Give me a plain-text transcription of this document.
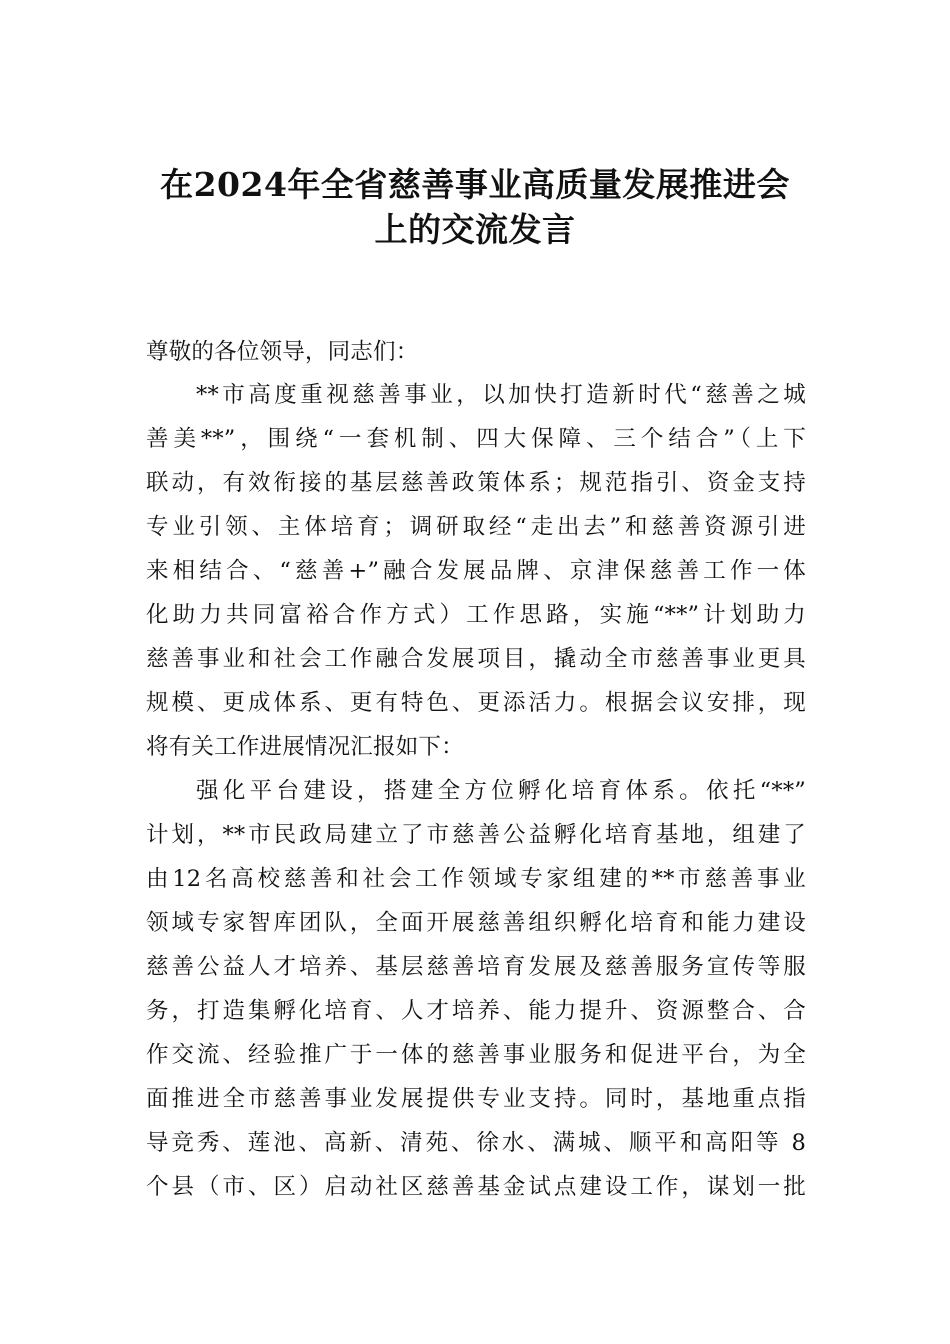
在2024年全省慈善事业高质量发展推进会
上的交流发言
尊敬的各位领导，同志们：
**市高度重视慈善事业，以加快打造新时代“慈善之城
善美**”，围绕“一套机制、四大保障、三个结合”（上下
联动，有效衔接的基层慈善政策体系；规范指引、资金支持
专业引领、主体培育；调研取经“走出去”和慈善资源引进
来相结合、“慈善+”融合发展品牌、京津保慈善工作一体
化助力共同富裕合作方式）工作思路，实施“**”计划助力
慈善事业和社会工作融合发展项目，撬动全市慈善事业更具
规模、更成体系、更有特色、更添活力。根据会议安排，现
将有关工作进展情况汇报如下：
强化平台建设，搭建全方位孵化培育体系。依托“**”
计划，**市民政局建立了市慈善公益孵化培育基地，组建了
由12名高校慈善和社会工作领域专家组建的**市慈善事业
领域专家智库团队，全面开展慈善组织孵化培育和能力建设
慈善公益人才培养、基层慈善培育发展及慈善服务宣传等服
务，打造集孵化培育、人才培养、能力提升、资源整合、合
作交流、经验推广于一体的慈善事业服务和促进平台，为全
面推进全市慈善事业发展提供专业支持。同时，基地重点指
导竞秀、莲池、高新、清苑、徐水、满城、顺平和高阳等 8
个县（市、区）启动社区慈善基金试点建设工作，谋划一批
